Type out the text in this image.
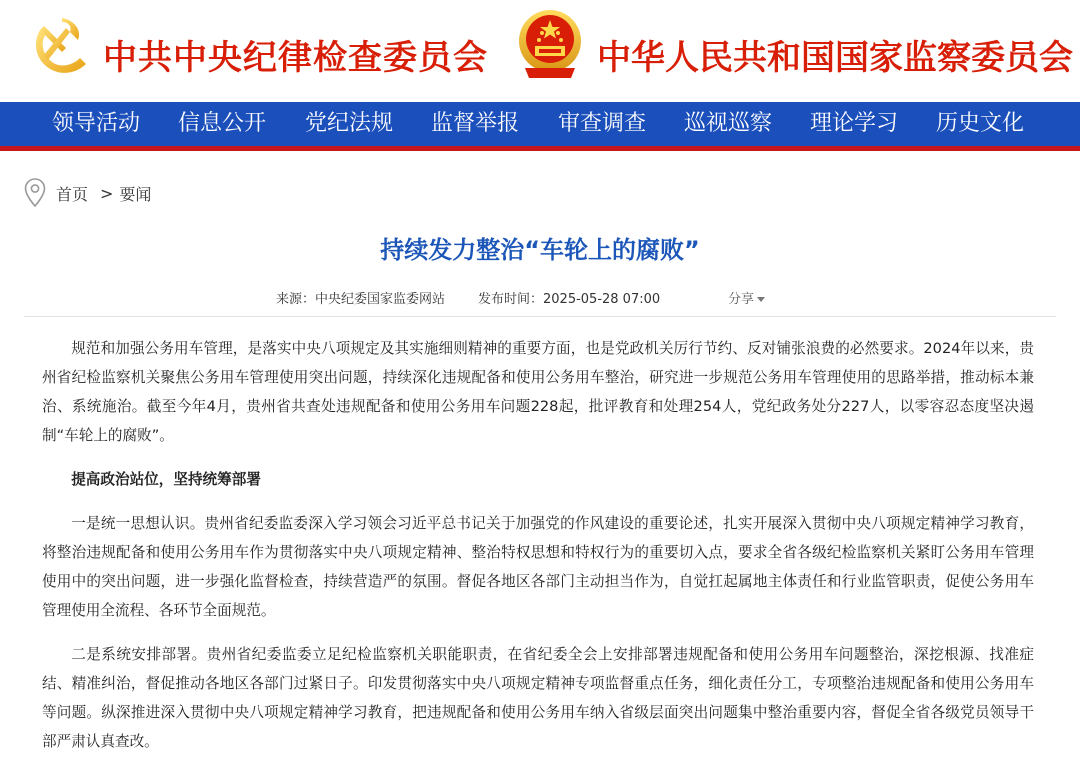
中共中央纪律检查委员会	中华人民共和国国家监察委员会
领导活动 信息公开 党纪法规 监督举报 审查调查 巡视巡察 理论学习 历史文化
首页 > 要闻
持续发力整治“车轮上的腐败”
来源：中央纪委国家监委网站	发布时间：2025-05-28 07:00	分享

规范和加强公务用车管理，是落实中央八项规定及其实施细则精神的重要方面，也是党政机关厉行节约、反对铺张浪费的必然要求。2024年以来，贵州省纪检监察机关聚焦公务用车管理使用突出问题，持续深化违规配备和使用公务用车整治，研究进一步规范公务用车管理使用的思路举措，推动标本兼治、系统施治。截至今年4月，贵州省共查处违规配备和使用公务用车问题228起，批评教育和处理254人，党纪政务处分227人，以零容忍态度坚决遏制“车轮上的腐败”。

提高政治站位，坚持统筹部署

一是统一思想认识。贵州省纪委监委深入学习领会习近平总书记关于加强党的作风建设的重要论述，扎实开展深入贯彻中央八项规定精神学习教育，将整治违规配备和使用公务用车作为贯彻落实中央八项规定精神、整治特权思想和特权行为的重要切入点，要求全省各级纪检监察机关紧盯公务用车管理使用中的突出问题，进一步强化监督检查，持续营造严的氛围。督促各地区各部门主动担当作为，自觉扛起属地主体责任和行业监管职责，促使公务用车管理使用全流程、各环节全面规范。

二是系统安排部署。贵州省纪委监委立足纪检监察机关职能职责，在省纪委全会上安排部署违规配备和使用公务用车问题整治，深挖根源、找准症结、精准纠治，督促推动各地区各部门过紧日子。印发贯彻落实中央八项规定精神专项监督重点任务，细化责任分工，专项整治违规配备和使用公务用车等问题。纵深推进深入贯彻中央八项规定精神学习教育，把违规配备和使用公务用车纳入省级层面突出问题集中整治重要内容，督促全省各级党员领导干部严肃认真查改。
